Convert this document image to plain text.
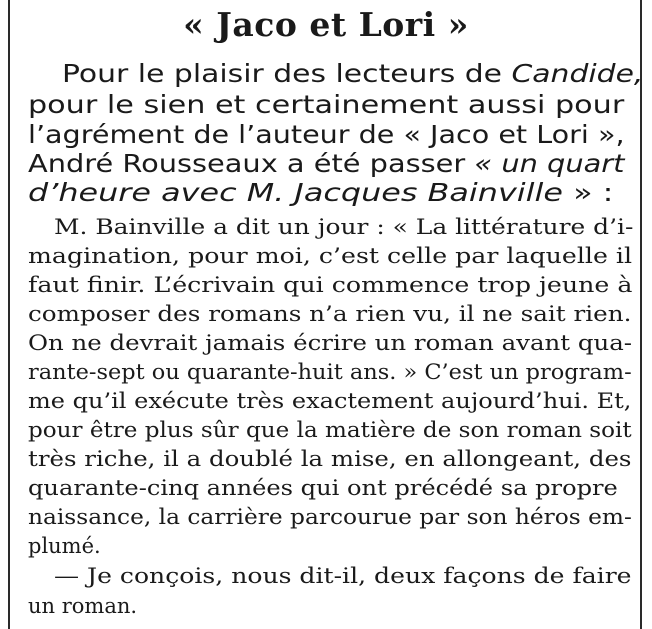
« Jaco et Lori »
Pour le plaisir des lecteurs de Candide,
pour le sien et certainement aussi pour
l’agrément de l’auteur de « Jaco et Lori »,
André Rousseaux a été passer « un quart
d’heure avec M. Jacques Bainville » :
M. Bainville a dit un jour : « La littérature d’i-
magination, pour moi, c’est celle par laquelle il
faut finir. L’écrivain qui commence trop jeune à
composer des romans n’a rien vu, il ne sait rien.
On ne devrait jamais écrire un roman avant qua-
rante-sept ou quarante-huit ans. » C’est un program-
me qu’il exécute très exactement aujourd’hui. Et,
pour être plus sûr que la matière de son roman soit
très riche, il a doublé la mise, en allongeant, des
quarante-cinq années qui ont précédé sa propre
naissance, la carrière parcourue par son héros em-
plumé.
— Je conçois, nous dit-il, deux façons de faire
un roman.
